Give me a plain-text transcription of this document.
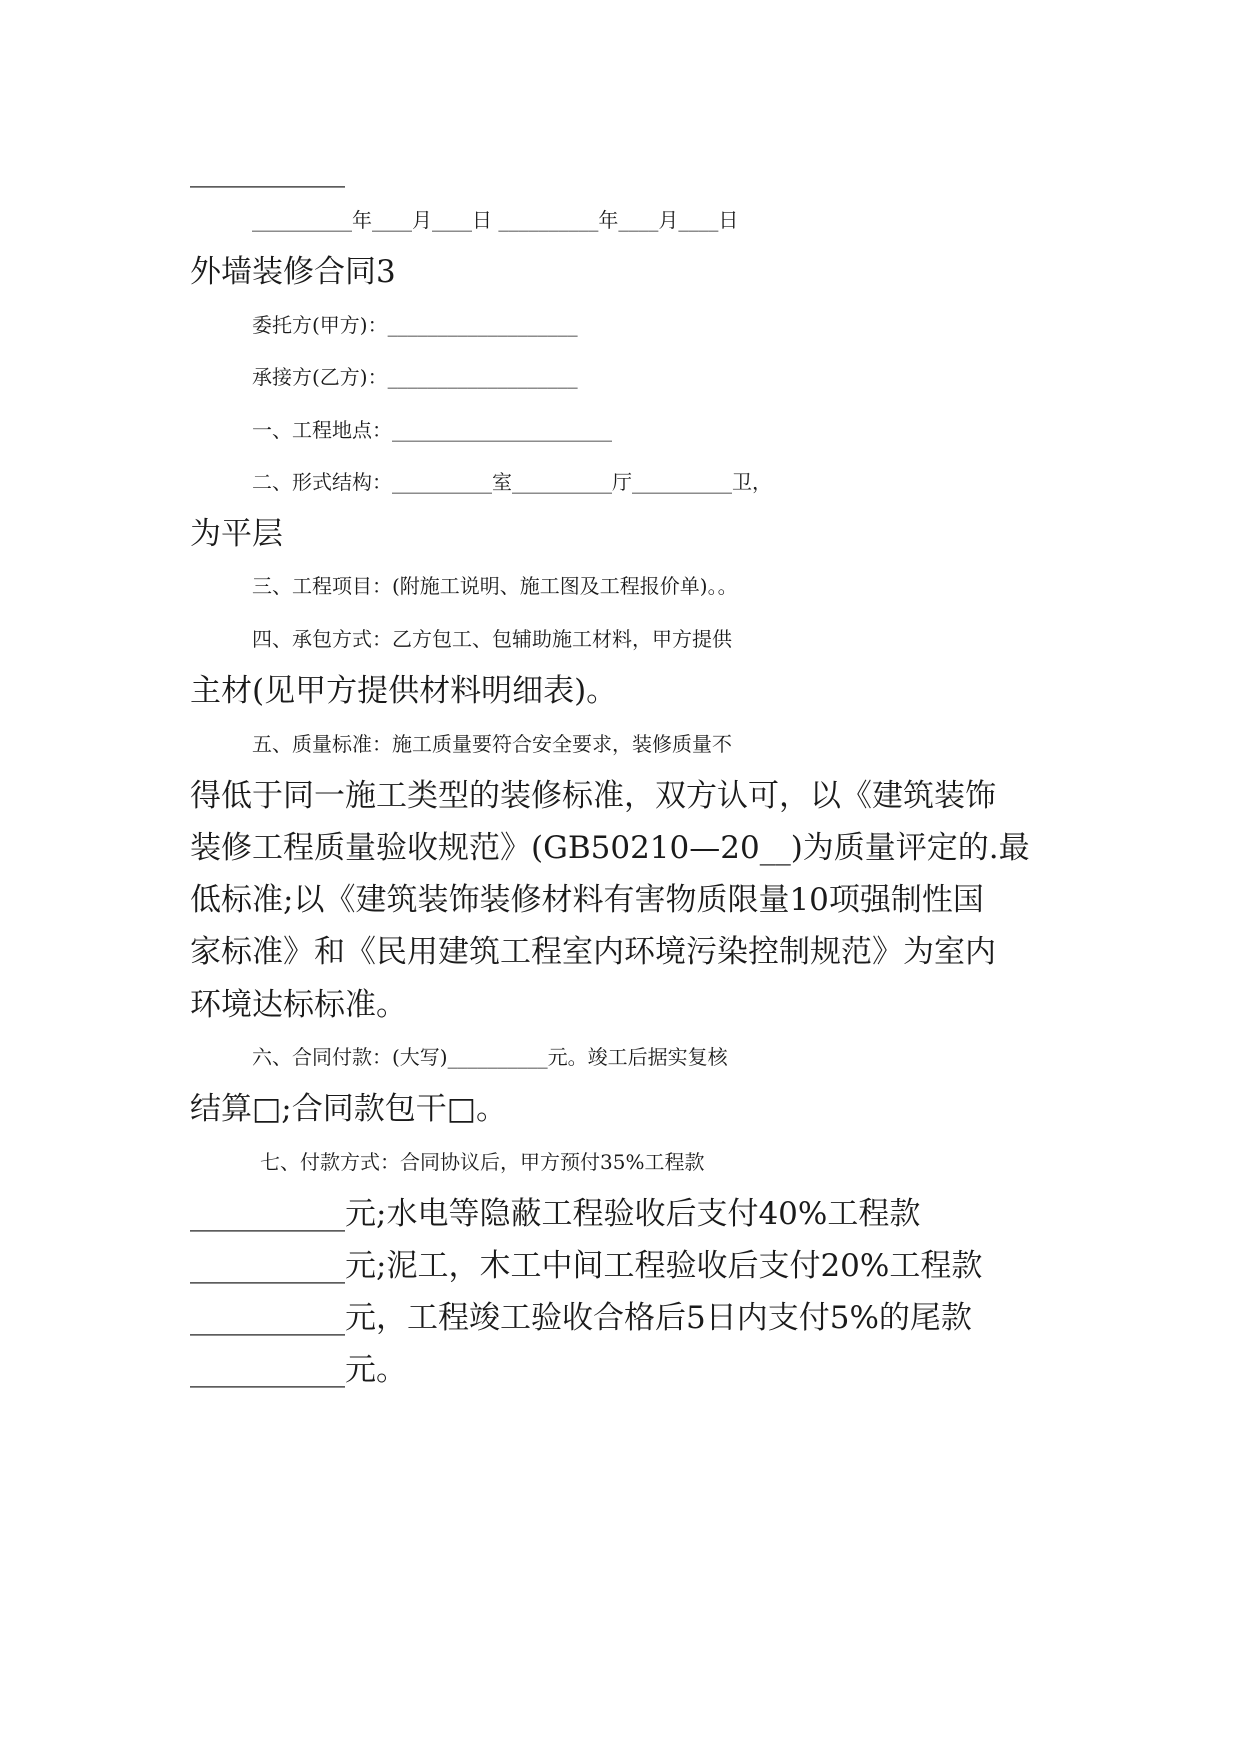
__________
__________年____月____日 __________年____月____日
外墙装修合同3
委托方(甲方)：___________________
承接方(乙方)：___________________
一、工程地点：______________________
二、形式结构：__________室__________厅__________卫，
为平层
三、工程项目：(附施工说明、施工图及工程报价单)。。
四、承包方式：乙方包工、包辅助施工材料，甲方提供
主材(见甲方提供材料明细表)。
五、质量标准：施工质量要符合安全要求，装修质量不
得低于同一施工类型的装修标准，双方认可，以《建筑装饰
装修工程质量验收规范》(GB50210—20__)为质量评定的.最
低标准;以《建筑装饰装修材料有害物质限量10项强制性国
家标准》和《民用建筑工程室内环境污染控制规范》为室内
环境达标标准。
六、合同付款：(大写)__________元。竣工后据实复核
结算□;合同款包干□。
七、付款方式：合同协议后，甲方预付35%工程款
__________元;水电等隐蔽工程验收后支付40%工程款
__________元;泥工，木工中间工程验收后支付20%工程款
__________元，工程竣工验收合格后5日内支付5%的尾款
__________元。
